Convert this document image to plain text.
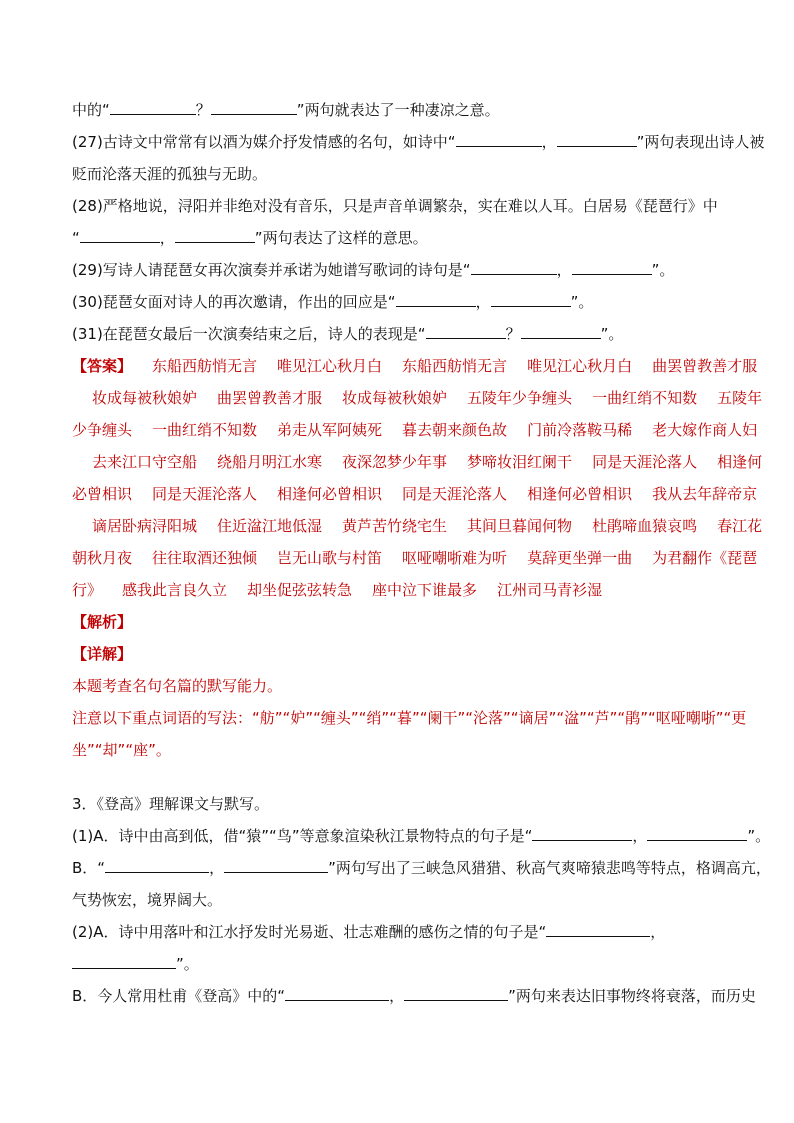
中的“	？	”两句就表达了一种凄凉之意。
(27)古诗文中常常有以酒为媒介抒发情感的名句，如诗中“	，	”两句表现出诗人被
贬而沦落天涯的孤独与无助。
(28)严格地说，浔阳并非绝对没有音乐，只是声音单调繁杂，实在难以人耳。白居易《琵琶行》中
“	，	”两句表达了这样的意思。
(29)写诗人请琵琶女再次演奏并承诺为她谱写歌词的诗句是“	，	”。
(30)琵琶女面对诗人的再次邀请，作出的回应是“	，	”。
(31)在琵琶女最后一次演奏结束之后，诗人的表现是“	？	”。
【答案】 东船西舫悄无言 唯见江心秋月白 东船西舫悄无言 唯见江心秋月白 曲罢曾教善才服
妆成每被秋娘妒 曲罢曾教善才服 妆成每被秋娘妒 五陵年少争缠头 一曲红绡不知数 五陵年
少争缠头 一曲红绡不知数 弟走从军阿姨死 暮去朝来颜色故 门前冷落鞍马稀 老大嫁作商人妇
去来江口守空船 绕船月明江水寒 夜深忽梦少年事 梦啼妆泪红阑干 同是天涯沦落人 相逢何
必曾相识 同是天涯沦落人 相逢何必曾相识 同是天涯沦落人 相逢何必曾相识 我从去年辞帝京
谪居卧病浔阳城 住近湓江地低湿 黄芦苦竹绕宅生 其间旦暮闻何物 杜鹃啼血猿哀鸣 春江花
朝秋月夜 往往取酒还独倾 岂无山歌与村笛 呕哑嘲哳难为听 莫辞更坐弹一曲 为君翻作《琵琶
行》 感我此言良久立 却坐促弦弦转急 座中泣下谁最多 江州司马青衫湿
【解析】
【详解】
本题考查名句名篇的默写能力。
注意以下重点词语的写法：“舫”“妒”“缠头”“绡”“暮”“阑干”“沦落”“谪居”“湓”“芦”“鹃”“呕哑嘲哳”“更
坐”“却”“座”。
3．《登高》理解课文与默写。
(1)A．诗中由高到低，借“猿”“鸟”等意象渲染秋江景物特点的句子是“	，	”。
B．“	，	”两句写出了三峡急风猎猎、秋高气爽啼猿悲鸣等特点，格调高亢，
气势恢宏，境界阔大。
(2)A．诗中用落叶和江水抒发时光易逝、壮志难酬的感伤之情的句子是“	，
”。
B．今人常用杜甫《登高》中的“	，	”两句来表达旧事物终将衰落，而历史
